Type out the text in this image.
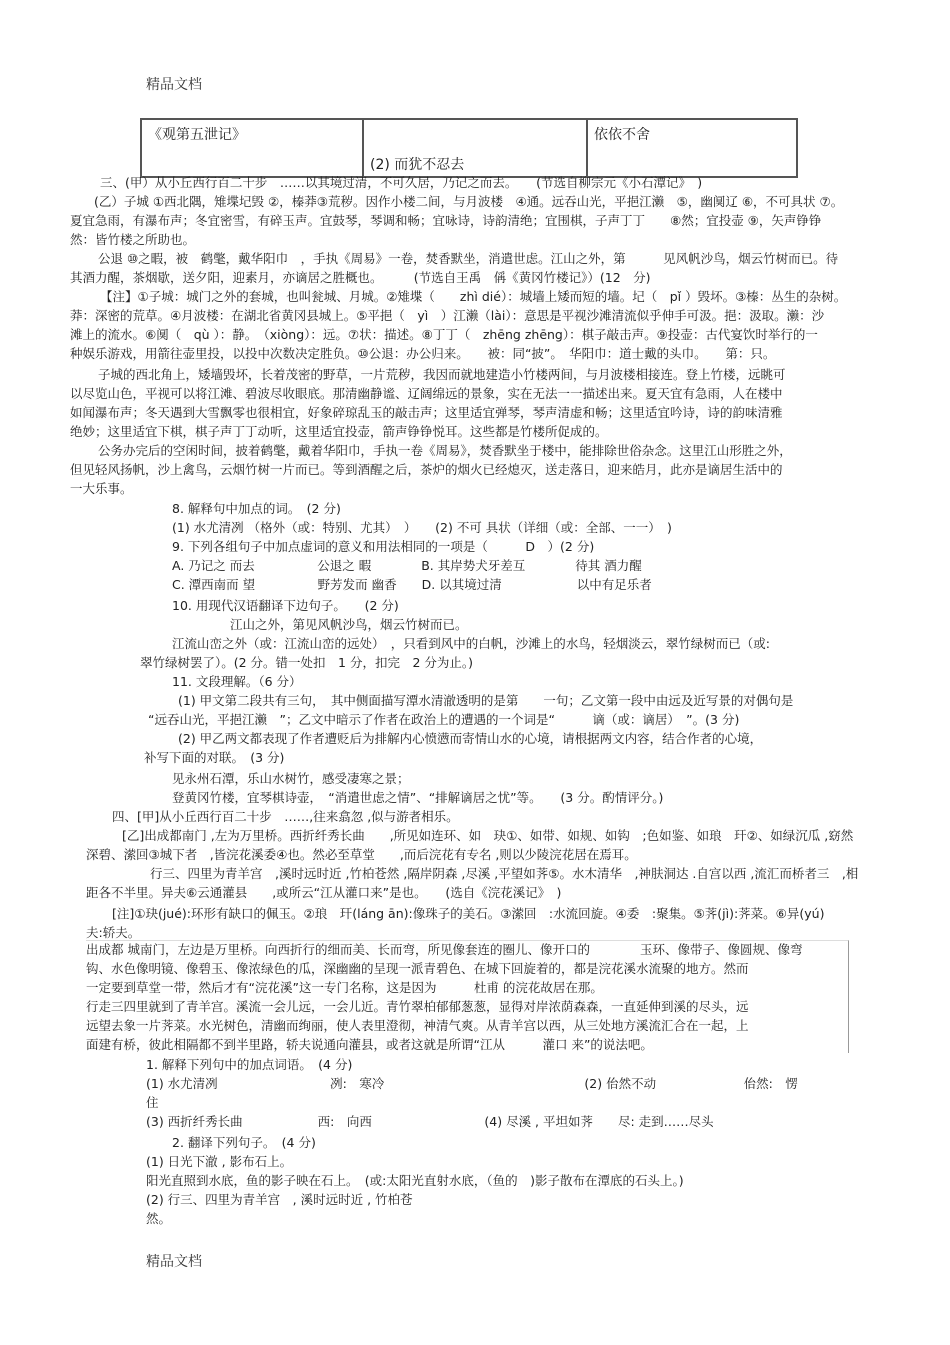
精品文档
《观第五泄记》	(2) 而犹不忍去	依依不舍
三、(甲）从小丘西行百二十步　……以其境过清，不可久居，乃记之而去。　　(节选自柳宗元《小石潭记》　)
(乙）子城 ①西北隅，雉堞圮毁 ②，榛莽③荒秽。因作小楼二间，与月波楼　④通。远吞山光，平挹江濑　⑤，幽阒辽 ⑥，不可具状 ⑦。
夏宜急雨，有瀑布声；冬宜密雪，有碎玉声。宜鼓琴，琴调和畅；宜咏诗，诗韵清绝；宜围棋，子声丁丁　　⑧然；宜投壶 ⑨，矢声铮铮
然：皆竹楼之所助也。
公退 ⑩之暇，被　鹤氅，戴华阳巾　，手执《周易》一卷，焚香默坐，消遣世虑。江山之外，第　　　见风帆沙鸟，烟云竹树而已。待
其酒力醒，茶烟歇，送夕阳，迎素月，亦谪居之胜概也。　　　(节选自王禹　偁《黄冈竹楼记》）(12　分)
【注】①子城：城门之外的套城，也叫瓮城、月城。②雉堞（　　zhì dié）：城墙上矮而短的墙。圮（　pǐ ）毁坏。③榛：丛生的杂树。
莽：深密的荒草。④月波楼：在湖北省黄冈县城上。⑤平挹（　yì　）江濑（lài）：意思是平视沙滩清流似乎伸手可汲。挹：汲取。濑：沙
滩上的流水。⑥阒（　qù ）：静。　（xiòng）：远。⑦状：描述。⑧丁丁（　zhēng zhēng）：棋子敲击声。⑨投壶：古代宴饮时举行的一
种娱乐游戏，用箭往壶里投，以投中次数决定胜负。⑩公退：办公归来。　　被：同“披”。　华阳巾：道士戴的头巾。　　第：只。
子城的西北角上，矮墙毁坏，长着茂密的野草，一片荒秽，我因而就地建造小竹楼两间，与月波楼相接连。登上竹楼，远眺可
以尽览山色，平视可以将江滩、碧波尽收眼底。那清幽静谧、辽阔绵远的景象，实在无法一一描述出来。夏天宜有急雨，人在楼中
如闻瀑布声；冬天遇到大雪飘零也很相宜，好象碎琼乱玉的敲击声；这里适宜弹琴，琴声清虚和畅；这里适宜吟诗，诗的韵味清雅
绝妙；这里适宜下棋，棋子声丁丁动听，这里适宜投壶，箭声铮铮悦耳。这些都是竹楼所促成的。
公务办完后的空闲时间，披着鹤氅，戴着华阳巾，手执一卷《周易》，焚香默坐于楼中，能排除世俗杂念。这里江山形胜之外，
但见轻风扬帆，沙上禽鸟，云烟竹树一片而已。等到酒醒之后，茶炉的烟火已经熄灭，送走落日，迎来皓月，此亦是谪居生活中的
一大乐事。
8. 解释句中加点的词。　(2 分)
(1) 水尤清冽 （格外（或：特别、尤其）　）　　(2) 不可 具状（详细（或：全部、一一）　)
9. 下列各组句子中加点虚词的意义和用法相同的一项是（　　　D　）(2 分)
A. 乃记之 而去　　　　　公退之 暇　　　　B. 其岸势犬牙差互　　　　待其 酒力醒
C. 潭西南而 望　　　　　野芳发而 幽香　　D. 以其境过清　　　　　　以中有足乐者
10. 用现代汉语翻译下边句子。　　(2 分)
江山之外，第见风帆沙鸟，烟云竹树而已。
江流山峦之外（或：江流山峦的远处）　，只看到风中的白帆，沙滩上的水鸟，轻烟淡云，翠竹绿树而已（或:
翠竹绿树罢了）。(2 分。错一处扣　1 分，扣完　2 分为止。)
11. 文段理解。（6 分）
(1) 甲文第二段共有三句，　其中侧面描写潭水清澈透明的是第　　一句；乙文第一段中由远及近写景的对偶句是
“远吞山光，平挹江濑　”；乙文中暗示了作者在政治上的遭遇的一个词是“　　　谪（或：谪居）　”。(3 分)
(2) 甲乙两文都表现了作者遭贬后为排解内心愤懑而寄情山水的心境，请根据两文内容，结合作者的心境，
补写下面的对联。　(3 分)
见永州石潭，乐山水树竹，感受凄寒之景；
登黄冈竹楼，宜琴棋诗壶，　“消遣世虑之情”、“排解谪居之忧”等。　　(3 分。酌情评分。)
四、[甲]从小丘西行百二十步　……,往来翕忽 ,似与游者相乐。
[乙]出成都南门 ,左为万里桥。西折纤秀长曲　　,所见如连环、如　玦①、如带、如规、如钩　;色如鉴、如琅　玕②、如绿沉瓜 ,窈然
深碧、潆回③城下者　,皆浣花溪委④也。然必至草堂　　,而后浣花有专名 ,则以少陵浣花居在焉耳。
行三、四里为青羊宫　,溪时远时近 ,竹柏苍然 ,隔岸阴森 ,尽溪 ,平望如荠⑤。水木清华　,神肤洞达 .自宫以西 ,流汇而桥者三　,相
距各不半里。异夫⑥云通灌县　　,或所云“江从灌口来”是也。　　(选自《浣花溪记》　)
[注]①玦(jué):环形有缺口的佩玉。②琅　玕(láng ān):像珠子的美石。③潆回　:水流回旋。④委　:聚集。⑤荠(jì):荠菜。⑥异(yú)
夫:轿夫。
出成都 城南门，左边是万里桥。向西折行的细而美、长而弯，所见像套连的圈儿、像开口的　　　　玉环、像带子、像圆规、像弯
钩、水色像明镜、像碧玉、像浓绿色的瓜，深幽幽的呈现一派青碧色、在城下回旋着的，都是浣花溪水流聚的地方。然而
一定要到草堂一带，然后才有“浣花溪”这一专门名称，这是因为　　　杜甫 的浣花故居在那。
行走三四里就到了青羊宫。溪流一会儿远，一会儿近。青竹翠柏郁郁葱葱，显得对岸浓荫森森，一直延伸到溪的尽头，远
远望去象一片荠菜。水光树色，清幽而绚丽，使人表里澄彻，神清气爽。从青羊宫以西，从三处地方溪流汇合在一起，上
面建有桥，彼此相隔都不到半里路，轿夫说通向灌县，或者这就是所谓“江从　　　灌口 来”的说法吧。
1. 解释下列句中的加点词语。　(4 分)
(1) 水尤清冽　　　　　　　　　冽:　寒冷　　　　　　　　　　　　　　　　(2) 佁然不动　　　　　　　佁然:　愣
住
(3) 西折纤秀长曲　　　　　　西:　向西　　　　　　　　　(4) 尽溪 , 平坦如荠　　尽: 走到……尽头
2. 翻译下列句子。　(4 分)
(1) 日光下澈 , 影布石上。
阳光直照到水底，鱼的影子映在石上。　(或:太阳光直射水底，（鱼的　)影子散布在潭底的石头上。)
(2) 行三、四里为青羊宫　, 溪时远时近 , 竹柏苍
然。
精品文档
